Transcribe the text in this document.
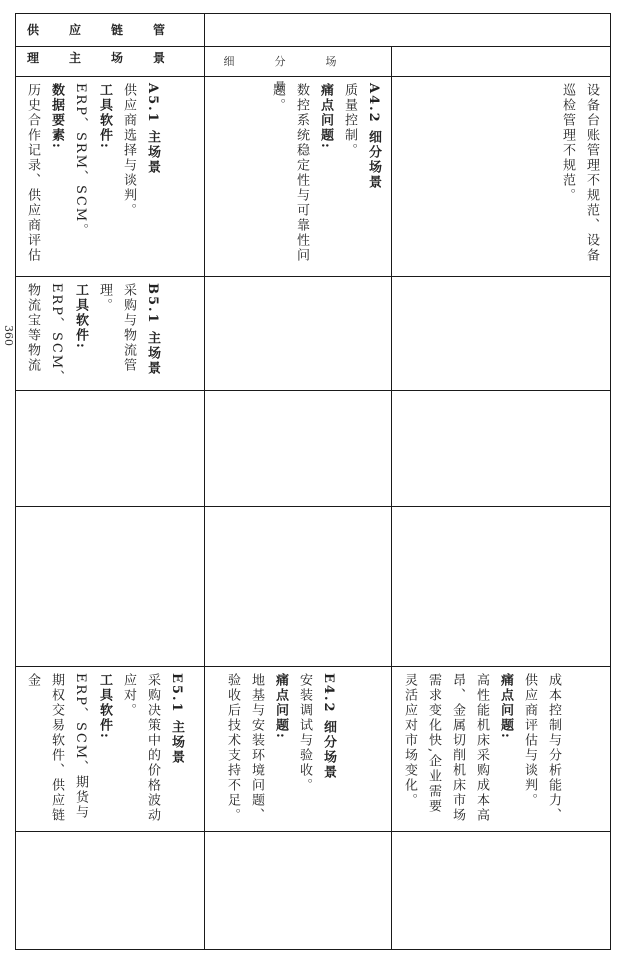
供应链管理主场景	细分场景	设备台账管理不规范、设备巡检管理不规范。
A4.2 细分场景
质量控制。
痛点问题:
数控系统稳定性与可靠性问题。
A5.1 主场景
供应商选择与谈判。
工具软件:
ERP、SRM、SCM。
数据要素:
历史合作记录、供应商评估
B5.1 主场景
采购与物流管理。
工具软件:
ERP、SCM、物流宝等物流
成本控制与分析能力、供应商评估与谈判。
痛点问题:
高性能机床采购成本高昂、金属切削机床市场需求变化快,企业需要灵活应对市场变化。
E4.2 细分场景
安装调试与验收。
痛点问题:
地基与安装环境问题、验收后技术支持不足。
E5.1 主场景
采购决策中的价格波动应对。
工具软件:
ERP、SCM、期货与期权交易软件、供应链金
360
